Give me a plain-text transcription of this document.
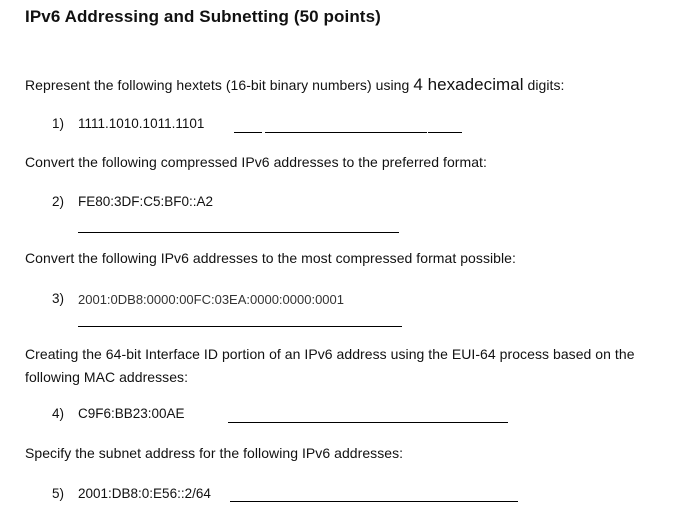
IPv6 Addressing and Subnetting (50 points)
Represent the following hextets (16-bit binary numbers) using 4 hexadecimal digits:
1) 1111.1010.1011.1101
Convert the following compressed IPv6 addresses to the preferred format:
2) FE80:3DF:C5:BF0::A2
Convert the following IPv6 addresses to the most compressed format possible:
3) 2001:0DB8:0000:00FC:03EA:0000:0000:0001
Creating the 64-bit Interface ID portion of an IPv6 address using the EUI-64 process based on the
following MAC addresses:
4) C9F6:BB23:00AE
Specify the subnet address for the following IPv6 addresses:
5) 2001:DB8:0:E56::2/64
